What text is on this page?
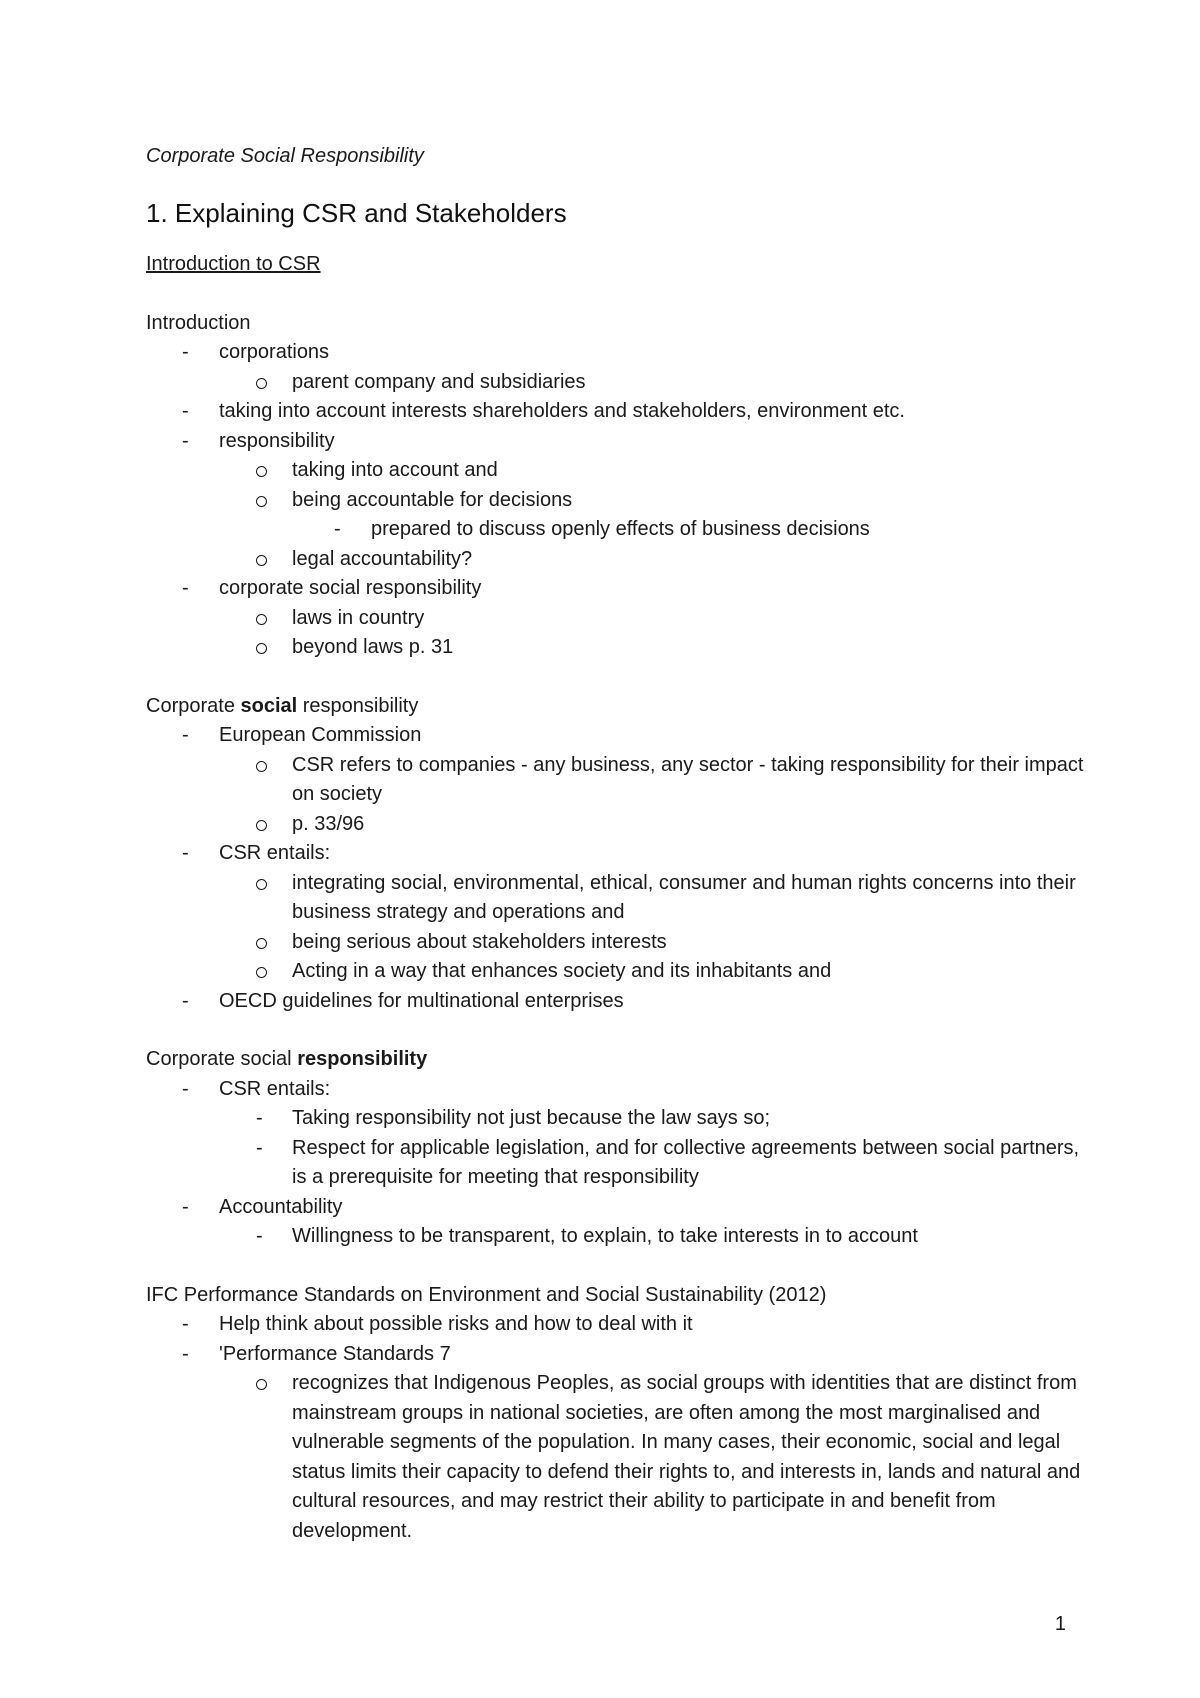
Corporate Social Responsibility

1. Explaining CSR and Stakeholders

Introduction to CSR

Introduction

- corporations
parent company and subsidiaries
- taking into account interests shareholders and stakeholders, environment etc.
- responsibility
taking into account and
being accountable for decisions
- prepared to discuss openly effects of business decisions
legal accountability?
- corporate social responsibility
laws in country
beyond laws p. 31

Corporate social responsibility

- European Commission
CSR refers to companies - any business, any sector - taking responsibility for their impact on society
p. 33/96
- CSR entails:
integrating social, environmental, ethical, consumer and human rights concerns into their business strategy and operations and
being serious about stakeholders interests
Acting in a way that enhances society and its inhabitants and
- OECD guidelines for multinational enterprises

Corporate social responsibility

- CSR entails:
- Taking responsibility not just because the law says so;
- Respect for applicable legislation, and for collective agreements between social partners, is a prerequisite for meeting that responsibility
- Accountability
- Willingness to be transparent, to explain, to take interests in to account

IFC Performance Standards on Environment and Social Sustainability (2012)

- Help think about possible risks and how to deal with it
- 'Performance Standards 7
recognizes that Indigenous Peoples, as social groups with identities that are distinct from mainstream groups in national societies, are often among the most marginalised and vulnerable segments of the population. In many cases, their economic, social and legal status limits their capacity to defend their rights to, and interests in, lands and natural and cultural resources, and may restrict their ability to participate in and benefit from development.
1
